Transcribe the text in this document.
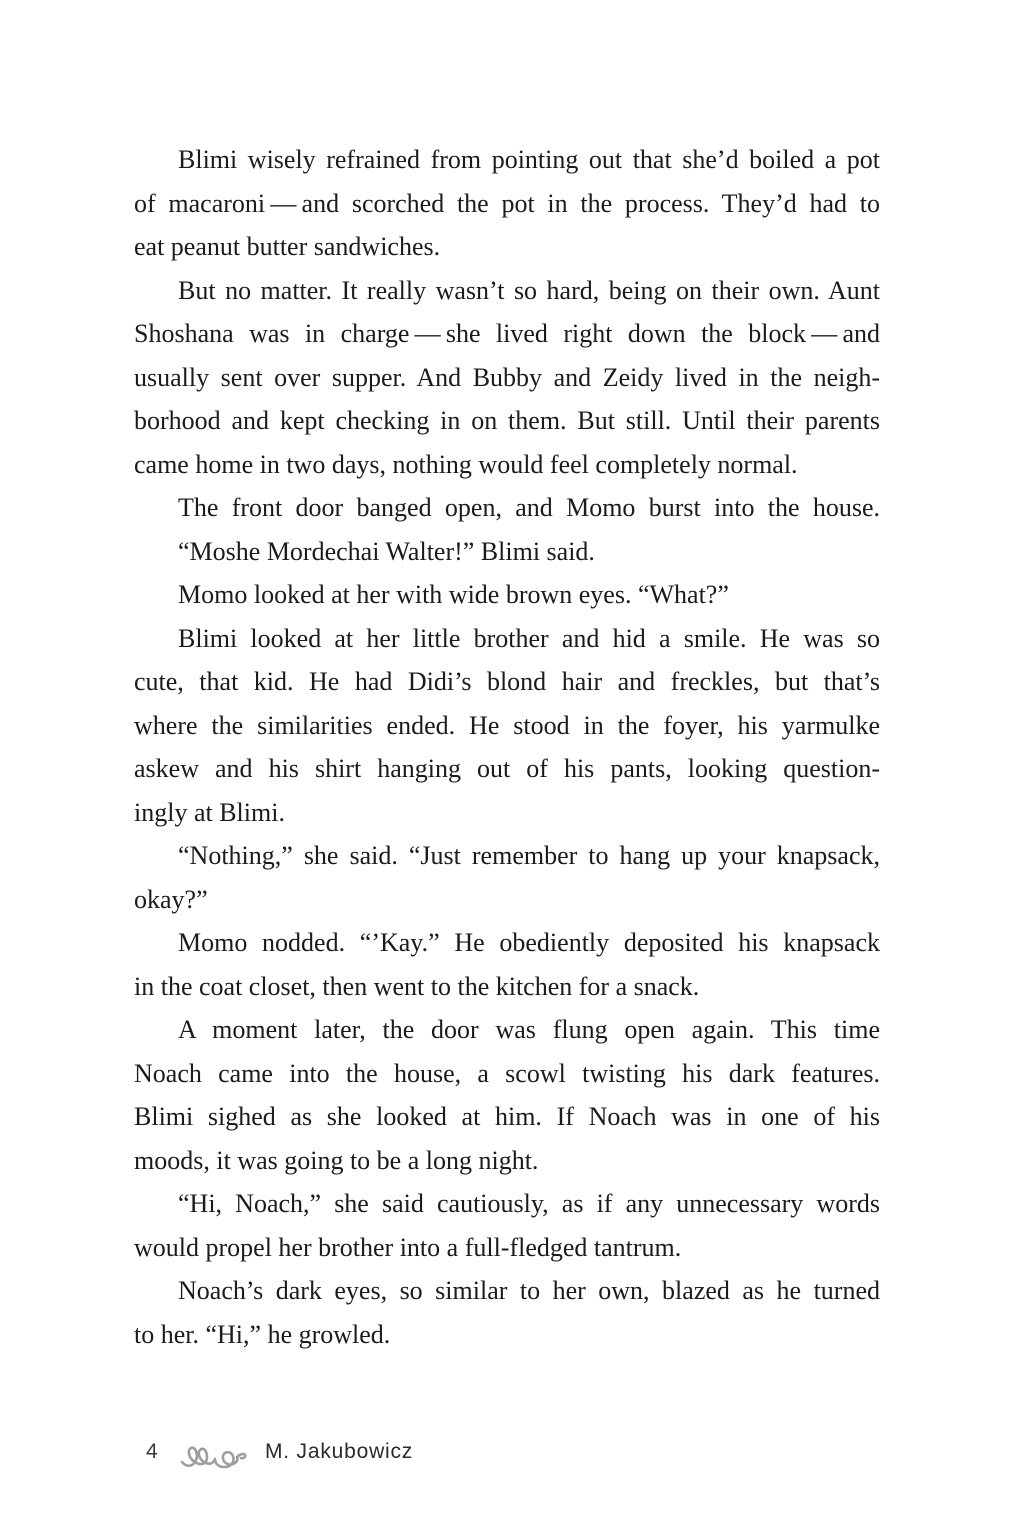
Blimi wisely refrained from pointing out that she’d boiled a pot
of macaroni — and scorched the pot in the process. They’d had to
eat peanut butter sandwiches.
But no matter. It really wasn’t so hard, being on their own. Aunt
Shoshana was in charge — she lived right down the block — and
usually sent over supper. And Bubby and Zeidy lived in the neigh-
borhood and kept checking in on them. But still. Until their parents
came home in two days, nothing would feel completely normal.
The front door banged open, and Momo burst into the house.
“Moshe Mordechai Walter!” Blimi said.
Momo looked at her with wide brown eyes. “What?”
Blimi looked at her little brother and hid a smile. He was so
cute, that kid. He had Didi’s blond hair and freckles, but that’s
where the similarities ended. He stood in the foyer, his yarmulke
askew and his shirt hanging out of his pants, looking question-
ingly at Blimi.
“Nothing,” she said. “Just remember to hang up your knapsack,
okay?”
Momo nodded. “’Kay.” He obediently deposited his knapsack
in the coat closet, then went to the kitchen for a snack.
A moment later, the door was flung open again. This time
Noach came into the house, a scowl twisting his dark features.
Blimi sighed as she looked at him. If Noach was in one of his
moods, it was going to be a long night.
“Hi, Noach,” she said cautiously, as if any unnecessary words
would propel her brother into a full-fledged tantrum.
Noach’s dark eyes, so similar to her own, blazed as he turned
to her. “Hi,” he growled.
4	M. Jakubowicz
